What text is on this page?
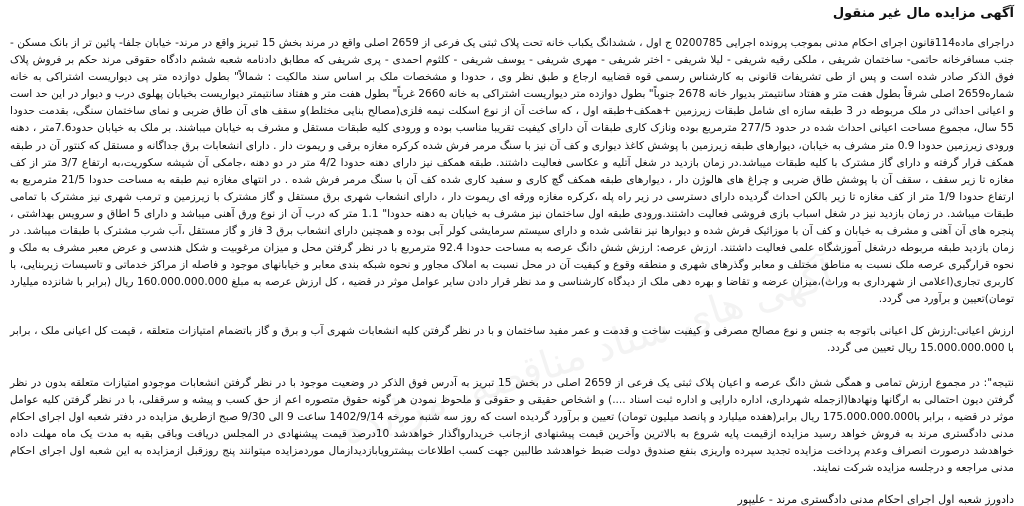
آگهی مزایده مال غیر منقول

دراجرای ماده114قانون اجرای احکام مدنی بموجب پرونده اجرایی 0200785 ج اول ، ششدانگ یکباب خانه تحت پلاک ثبتی یک فرعی از 2659 اصلی واقع در مرند بخش 15 تبریز واقع در مرند- خیابان جلفا- پائین تر از بانک مسکن - جنب مسافرخانه حاتمی- ساختمان شریفی ، ملکی رقیه شریفی - لیلا شریفی - اختر شریفی - مهری شریفی - یوسف شریفی - کلثوم احمدی - پری شریفی که مطابق دادنامه شعبه ششم دادگاه حقوقی مرند حکم بر فروش پلاک فوق الذکر صادر شده است و پس از طی تشریفات قانونی به کارشناس رسمی قوه قضاییه ارجاع و طبق نظر وی ، حدودا و مشخصات ملک بر اساس سند مالکیت : شمالاً" بطول دوازده متر پی دیواریست اشتراکی به خانه شماره2659 اصلی شرقاً بطول هفت متر و هفتاد سانتیمتر بدیوار خانه 2678 جنوباً" بطول دوازده متر دیواریست اشتراکی به خانه 2660 غرباً" بطول هفت متر و هفتاد سانتیمتر دیواریست بخیابان پهلوی درب و دیوار در این حد است و اعیانی احداثی در ملک مربوطه در 3 طبقه سازه ای شامل طبقات زیرزمین +همکف+طبقه اول ، که ساخت آن از نوع اسکلت نیمه فلزی(مصالح بنایی مختلط)و سقف های آن طاق ضربی و نمای ساختمان سنگی، بقدمت حدودا 55 سال، مجموع مساحت اعیانی احداث شده در حدود 277/5 مترمربع بوده ونازک کاری طبقات آن دارای کیفیت تقریبا مناسب بوده و ورودی کلیه طبقات مستقل و مشرف به خیابان میباشند. بر ملک به خیابان حدود7.6متر ، دهنه ورودی زیرزمین حدودا 0.9 متر مشرف به خیابان، دیوارهای طبقه زیرزمین با پوشش کاغذ دیواری و کف آن نیز با سنگ مرمر فرش شده کرکره مغازه برقی و ریموت دار . دارای انشعابات برق جداگانه و مستقل که کنتور آن در طبقه همکف قرار گرفته و دارای گاز مشترک با کلیه طبقات میباشد.در زمان بازدید در شغل آتلیه و عکاسی فعالیت داشتند. طبقه همکف نیز دارای دهنه حدودا 4/2 متر در دو دهنه ،جامکی آن شیشه سکوریت،به ارتفاع 3/7 متر از کف مغازه تا زیر سقف ، سقف آن با پوشش طاق ضربی و چراغ های هالوژن دار ، دیوارهای طبقه همکف گچ کاری و سفید کاری شده کف آن با سنگ مرمر فرش شده . در انتهای مغازه نیم طبقه به مساحت حدودا 21/5 مترمربع به ارتفاع حدودا 1/9 متر از کف مغازه تا زیر بالکن احداث گردیده دارای دسترسی در زیر راه پله ،کرکره مغازه ورقه ای ریموت دار ، دارای انشعاب شهری برق مستقل و گاز مشترک با زیرزمین و ترمب شهری نیز مشترک با تمامی طبقات میباشد. در زمان بازدید نیز در شغل اسباب بازی فروشی فعالیت داشتند.ورودی طبقه اول ساختمان نیز مشرف به خیابان به دهنه حدودا" 1.1 متر که درب آن از نوع ورق آهنی میباشد و دارای 5 اطاق و سرویس بهداشتی ، پنجره های آن آهنی و مشرف به خیابان و کف آن با موزائیک فرش شده و دیوارها نیز نقاشی شده و دارای سیستم سرمایشی کولر آبی بوده و همچنین دارای انشعاب برق 3 فاز و گاز مستقل ،آب شرب مشترک با طبقات میباشد. در زمان بازدید طبقه مربوطه درشغل آموزشگاه علمی فعالیت داشتند. ارزش عرصه: ارزش شش دانگ عرصه به مساحت حدودا 92.4 مترمربع با در نظر گرفتن محل و میزان مرغوبیت و شکل هندسی و عرض معبر مشرف به ملک و نحوه قرارگیری عرصه ملک نسبت به مناطق مختلف و معابر وگذرهای شهری و منطقه وقوع و کیفیت آن در محل نسبت به املاک مجاور و نحوه شبکه بندی معابر و خیابانهای موجود و فاصله از مراکز خدماتی و تاسیسات زیربنایی، با کاربری تجاری(اعلامی از شهرداری به وراث)،میزان عرضه و تقاضا و بهره دهی ملک از دیدگاه کارشناسی و مد نظر قرار دادن سایر عوامل موثر در قضیه ، کل ارزش عرصه به مبلغ 160.000.000.000 ریال (برابر با شانزده میلیارد تومان)تعیین و برآورد می گردد.

ارزش اعیانی:ارزش کل اعیانی باتوجه به جنس و نوع مصالح مصرفی و کیفیت ساخت و قدمت و عمر مفید ساختمان و با در نظر گرفتن کلیه انشعابات شهری آب و برق و گاز باتضمام امتیازات متعلقه ، قیمت کل اعیانی ملک ، برابر با 15.000.000.000 ریال تعیین می گردد.

نتیجه": در مجموع ارزش تمامی و همگی شش دانگ عرصه و اعیان پلاک ثبتی یک فرعی از 2659 اصلی در بخش 15 تبریز به آدرس فوق الذکر در وضعیت موجود با در نظر گرفتن انشعابات موجودو امتیازات متعلقه بدون در نظر گرفتن دیون احتمالی به ارگانها ونهادها(ازجمله شهرداری، اداره دارایی و اداره ثبت اسناد ....) و اشخاص حقیقی و حقوقی و ملحوظ نمودن هر گونه حقوق متصوره اعم از حق کسب و پیشه و سرقفلی، با در نظر گرفتن کلیه عوامل موثر در قضیه ، برابر با175.000.000.000 ریال برابر(هفده میلیارد و پانصد میلیون تومان) تعیین و برآورد گردیده است که روز سه شنبه مورخه 1402/9/14 ساعت 9 الی 9/30 صبح ازطریق مزایده در دفتر شعبه اول اجرای احکام مدنی دادگستری مرند به فروش خواهد رسید مزایده ازقیمت پایه شروع به بالاترین وآخرین قیمت پیشنهادی ازجانب خریدارواگذار خواهدشد 10درصد قیمت پیشنهادی در المجلس دریافت وباقی بقیه به مدت یک ماه مهلت داده خواهدشد درصورت انصراف وعدم پرداخت مزایده تجدید سپرده واریزی بنفع صندوق دولت ضبط خواهدشد طالبین جهت کسب اطلاعات بیشترویابازدیدازمال موردمزایده میتوانند پنج روزقبل ازمزایده به این شعبه اول اجرای احکام مدنی مراجعه و درجلسه مزایده شرکت نمایند.

دادورز شعبه اول اجرای احکام مدنی دادگستری مرند - علیپور
